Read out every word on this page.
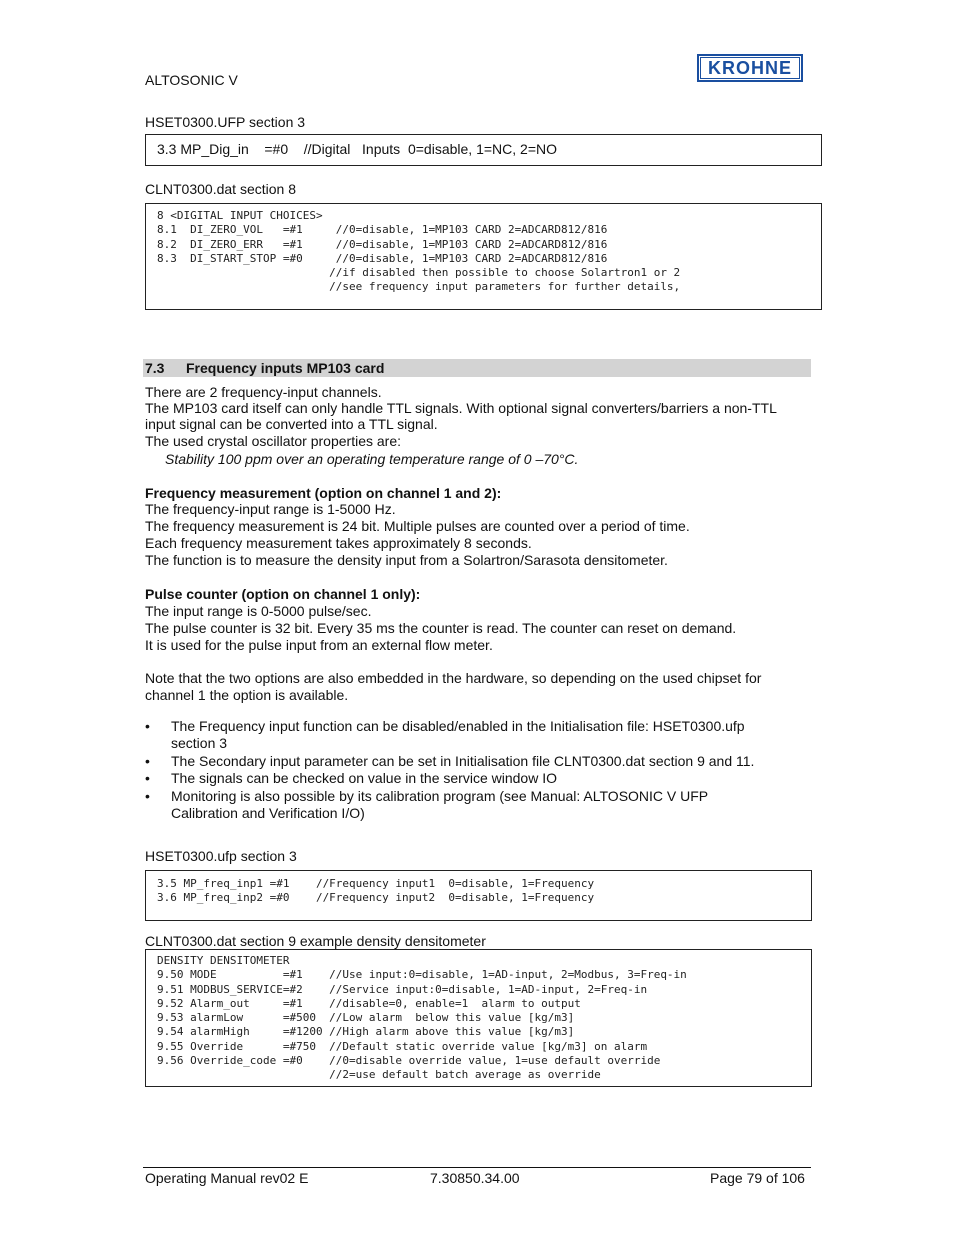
ALTOSONIC V
KROHNE
HSET0300.UFP section 3
3.3 MP_Dig_in    =#0    //Digital   Inputs  0=disable, 1=NC, 2=NO
CLNT0300.dat section 8
8 <DIGITAL INPUT CHOICES>
8.1  DI_ZERO_VOL   =#1     //0=disable, 1=MP103 CARD 2=ADCARD812/816
8.2  DI_ZERO_ERR   =#1     //0=disable, 1=MP103 CARD 2=ADCARD812/816
8.3  DI_START_STOP =#0     //0=disable, 1=MP103 CARD 2=ADCARD812/816
//if disabled then possible to choose Solartron1 or 2
//see frequency input parameters for further details,
7.3 Frequency inputs MP103 card
There are 2 frequency-input channels.
The MP103 card itself can only handle TTL signals. With optional signal converters/barriers a non-TTL
input signal can be converted into a TTL signal.
The used crystal oscillator properties are:
Stability 100 ppm over an operating temperature range of 0 –70°C.
Frequency measurement (option on channel 1 and 2):
The frequency-input range is 1-5000 Hz.
The frequency measurement is 24 bit. Multiple pulses are counted over a period of time.
Each frequency measurement takes approximately 8 seconds.
The function is to measure the density input from a Solartron/Sarasota densitometer.
Pulse counter (option on channel 1 only):
The input range is 0-5000 pulse/sec.
The pulse counter is 32 bit. Every 35 ms the counter is read. The counter can reset on demand.
It is used for the pulse input from an external flow meter.
Note that the two options are also embedded in the hardware, so depending on the used chipset for
channel 1 the option is available.
• The Frequency input function can be disabled/enabled in the Initialisation file: HSET0300.ufp
section 3
• The Secondary input parameter can be set in Initialisation file CLNT0300.dat section 9 and 11.
• The signals can be checked on value in the service window IO
• Monitoring is also possible by its calibration program (see Manual: ALTOSONIC V UFP
Calibration and Verification I/O)
HSET0300.ufp section 3
3.5 MP_freq_inp1 =#1    //Frequency input1  0=disable, 1=Frequency
3.6 MP_freq_inp2 =#0    //Frequency input2  0=disable, 1=Frequency
CLNT0300.dat section 9 example density densitometer
DENSITY DENSITOMETER
9.50 MODE          =#1    //Use input:0=disable, 1=AD-input, 2=Modbus, 3=Freq-in
9.51 MODBUS_SERVICE=#2    //Service input:0=disable, 1=AD-input, 2=Freq-in
9.52 Alarm_out     =#1    //disable=0, enable=1  alarm to output
9.53 alarmLow      =#500  //Low alarm  below this value [kg/m3]
9.54 alarmHigh     =#1200 //High alarm above this value [kg/m3]
9.55 Override      =#750  //Default static override value [kg/m3] on alarm
9.56 Override_code =#0    //0=disable override value, 1=use default override
//2=use default batch average as override
Operating Manual rev02 E	7.30850.34.00	Page 79 of 106
